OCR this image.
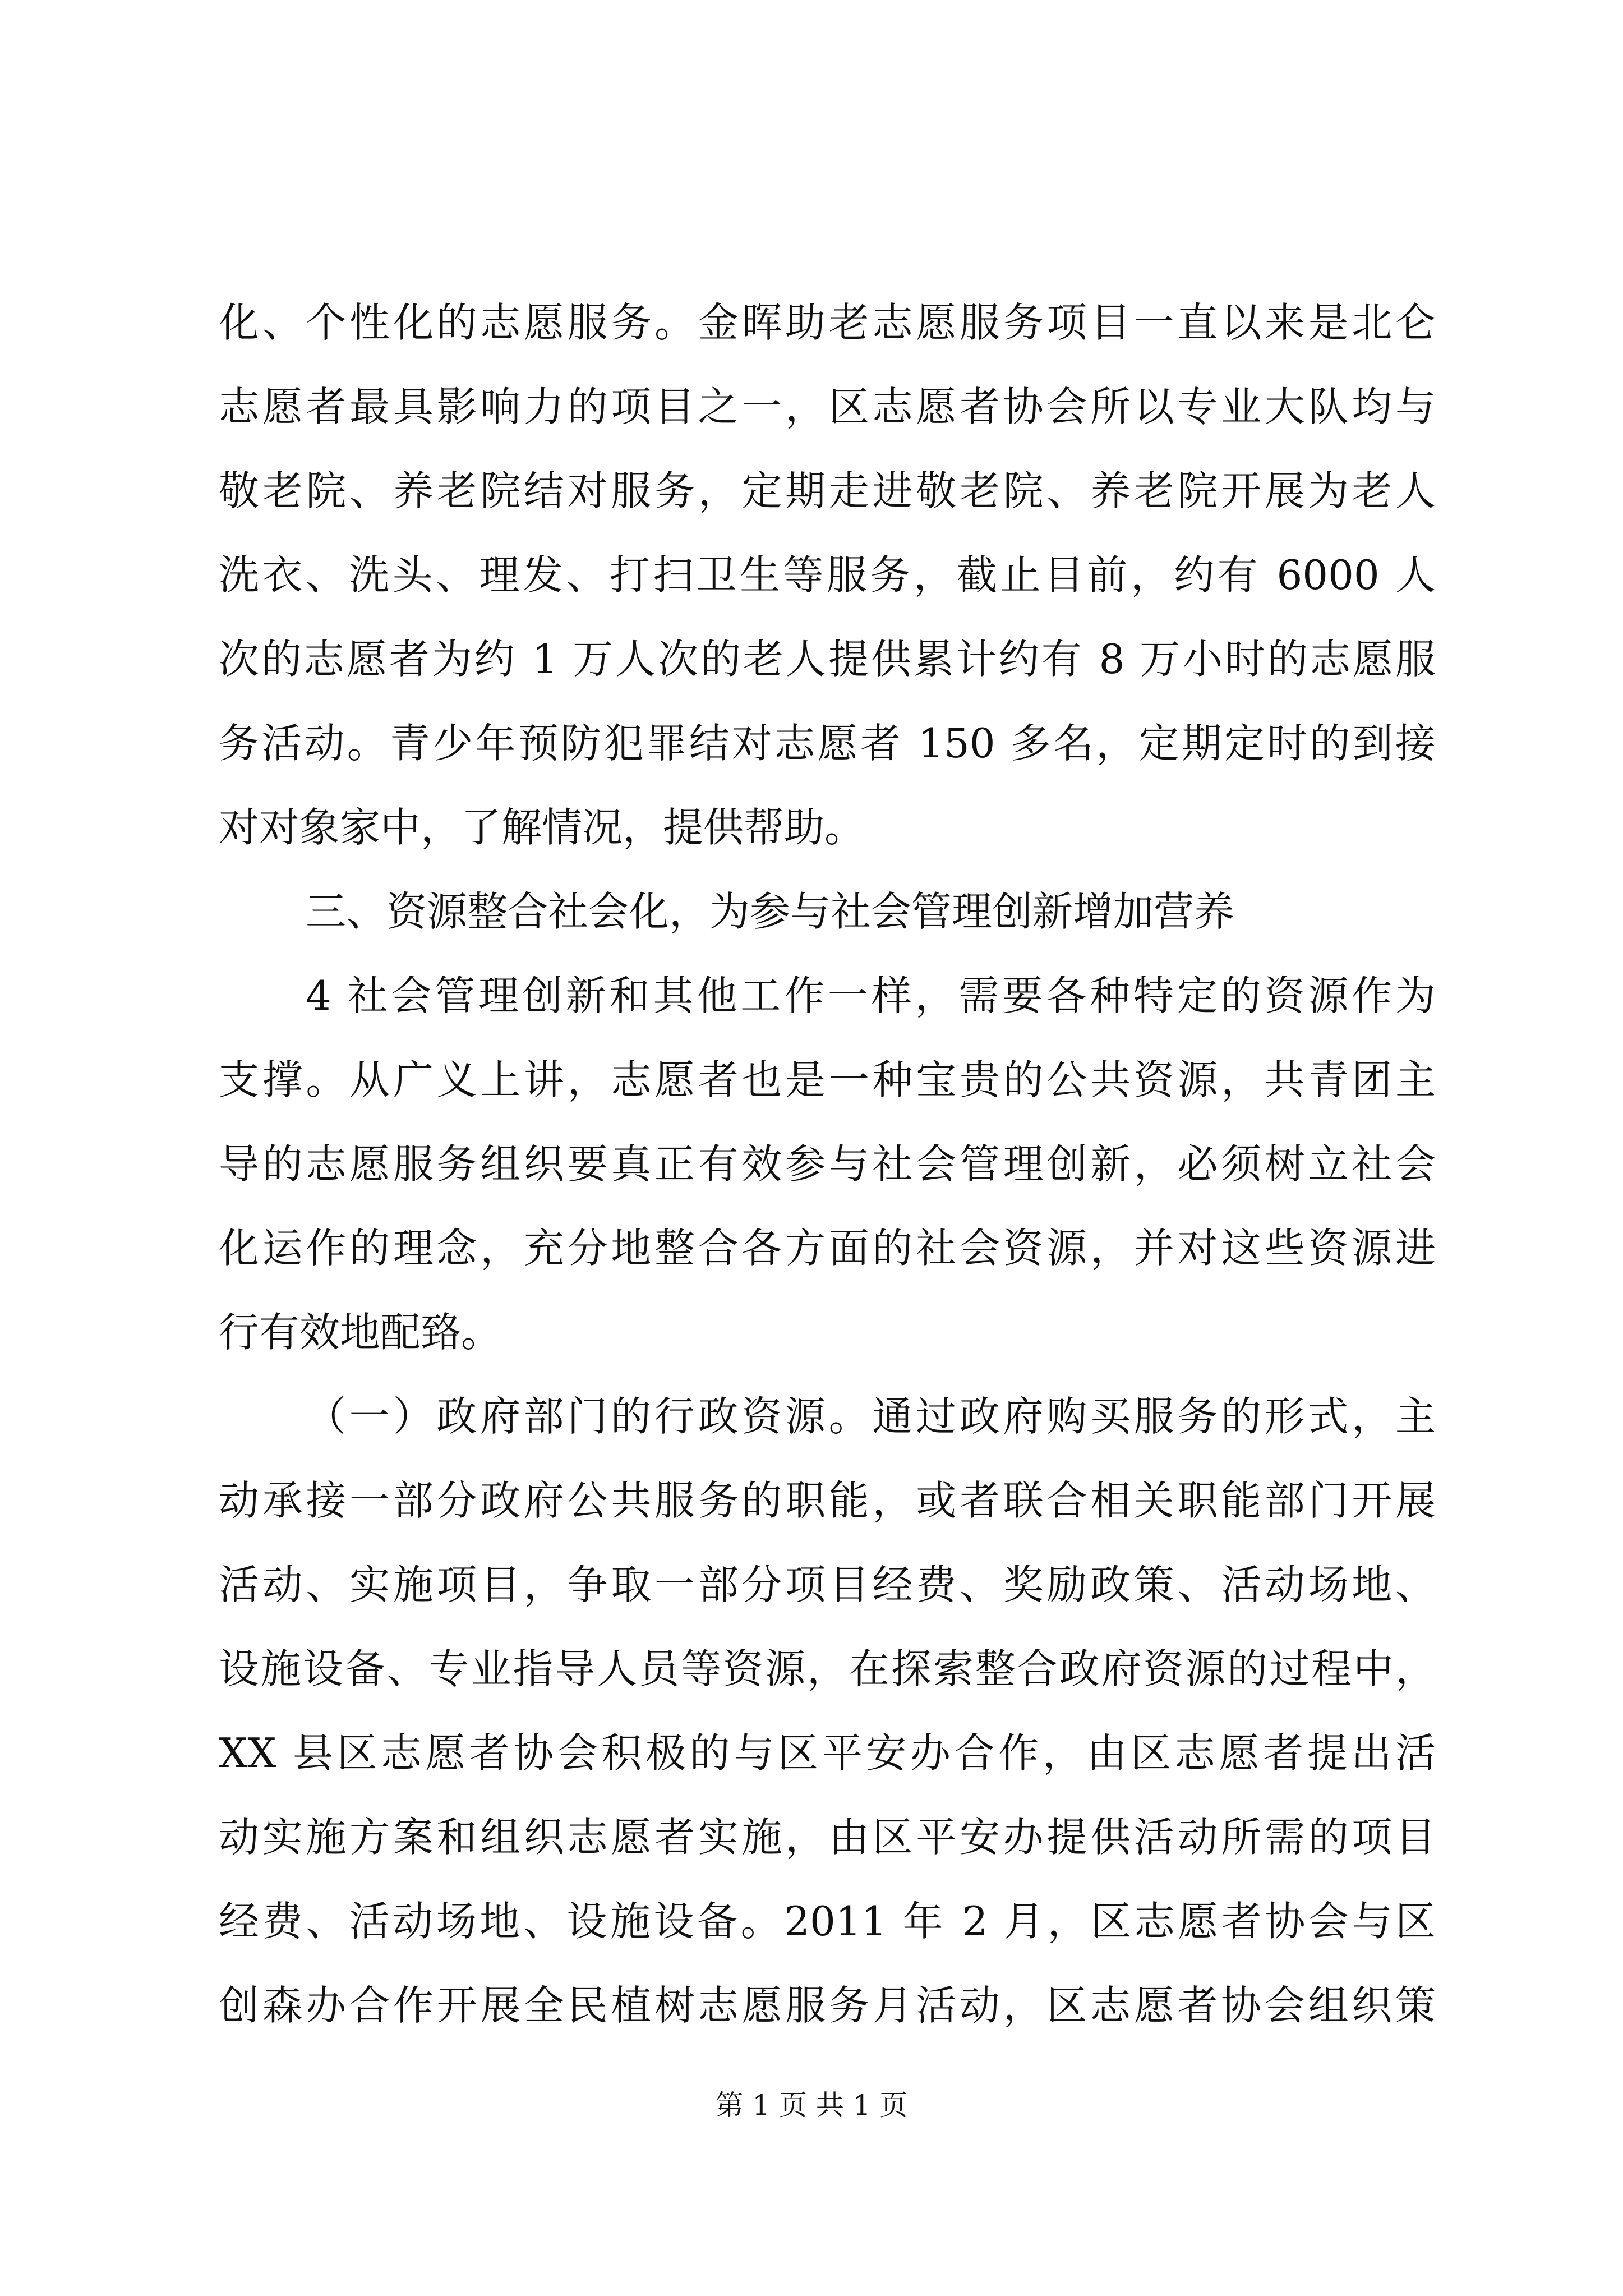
化、个性化的志愿服务。金晖助老志愿服务项目一直以来是北仑
志愿者最具影响力的项目之一，区志愿者协会所以专业大队均与
敬老院、养老院结对服务，定期走进敬老院、养老院开展为老人
洗衣、洗头、理发、打扫卫生等服务，截止目前，约有 6000 人
次的志愿者为约 1 万人次的老人提供累计约有 8 万小时的志愿服
务活动。青少年预防犯罪结对志愿者 150 多名，定期定时的到接
对对象家中，了解情况，提供帮助。
三、资源整合社会化，为参与社会管理创新增加营养
4 社会管理创新和其他工作一样，需要各种特定的资源作为
支撑。从广义上讲，志愿者也是一种宝贵的公共资源，共青团主
导的志愿服务组织要真正有效参与社会管理创新，必须树立社会
化运作的理念，充分地整合各方面的社会资源，并对这些资源进
行有效地配臵。
（一）政府部门的行政资源。通过政府购买服务的形式，主
动承接一部分政府公共服务的职能，或者联合相关职能部门开展
活动、实施项目，争取一部分项目经费、奖励政策、活动场地、
设施设备、专业指导人员等资源，在探索整合政府资源的过程中，
XX 县区志愿者协会积极的与区平安办合作，由区志愿者提出活
动实施方案和组织志愿者实施，由区平安办提供活动所需的项目
经费、活动场地、设施设备。2011 年 2 月，区志愿者协会与区
创森办合作开展全民植树志愿服务月活动，区志愿者协会组织策
第 1 页 共 1 页
